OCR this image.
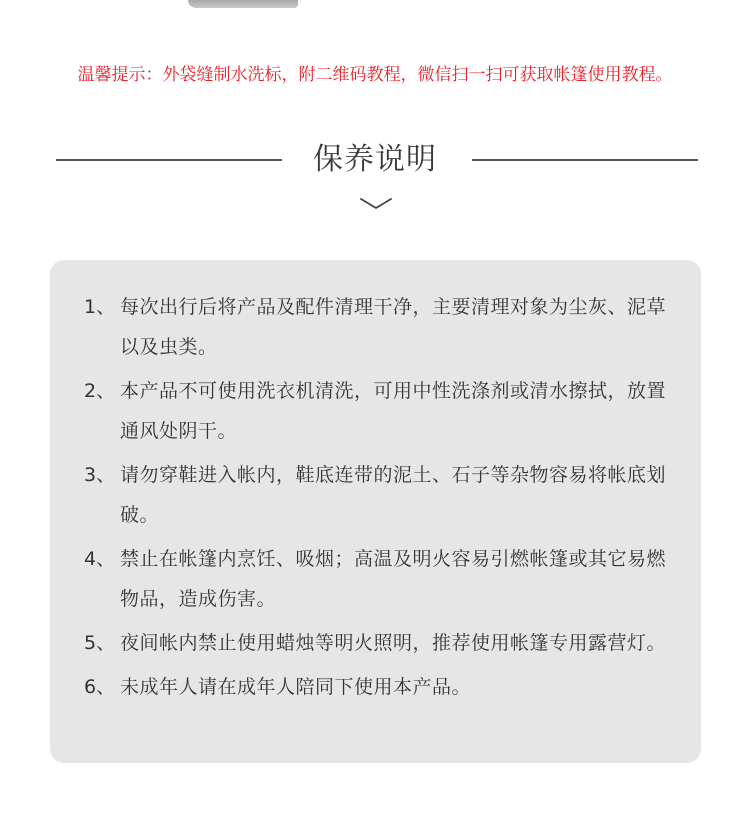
温馨提示：外袋缝制水洗标，附二维码教程，微信扫一扫可获取帐篷使用教程。
保养说明
1、 每次出行后将产品及配件清理干净，主要清理对象为尘灰、泥草以及虫类。
2、 本产品不可使用洗衣机清洗，可用中性洗涤剂或清水擦拭，放置通风处阴干。
3、 请勿穿鞋进入帐内，鞋底连带的泥土、石子等杂物容易将帐底划破。
4、 禁止在帐篷内烹饪、吸烟；高温及明火容易引燃帐篷或其它易燃物品，造成伤害。
5、 夜间帐内禁止使用蜡烛等明火照明，推荐使用帐篷专用露营灯。
6、 未成年人请在成年人陪同下使用本产品。
